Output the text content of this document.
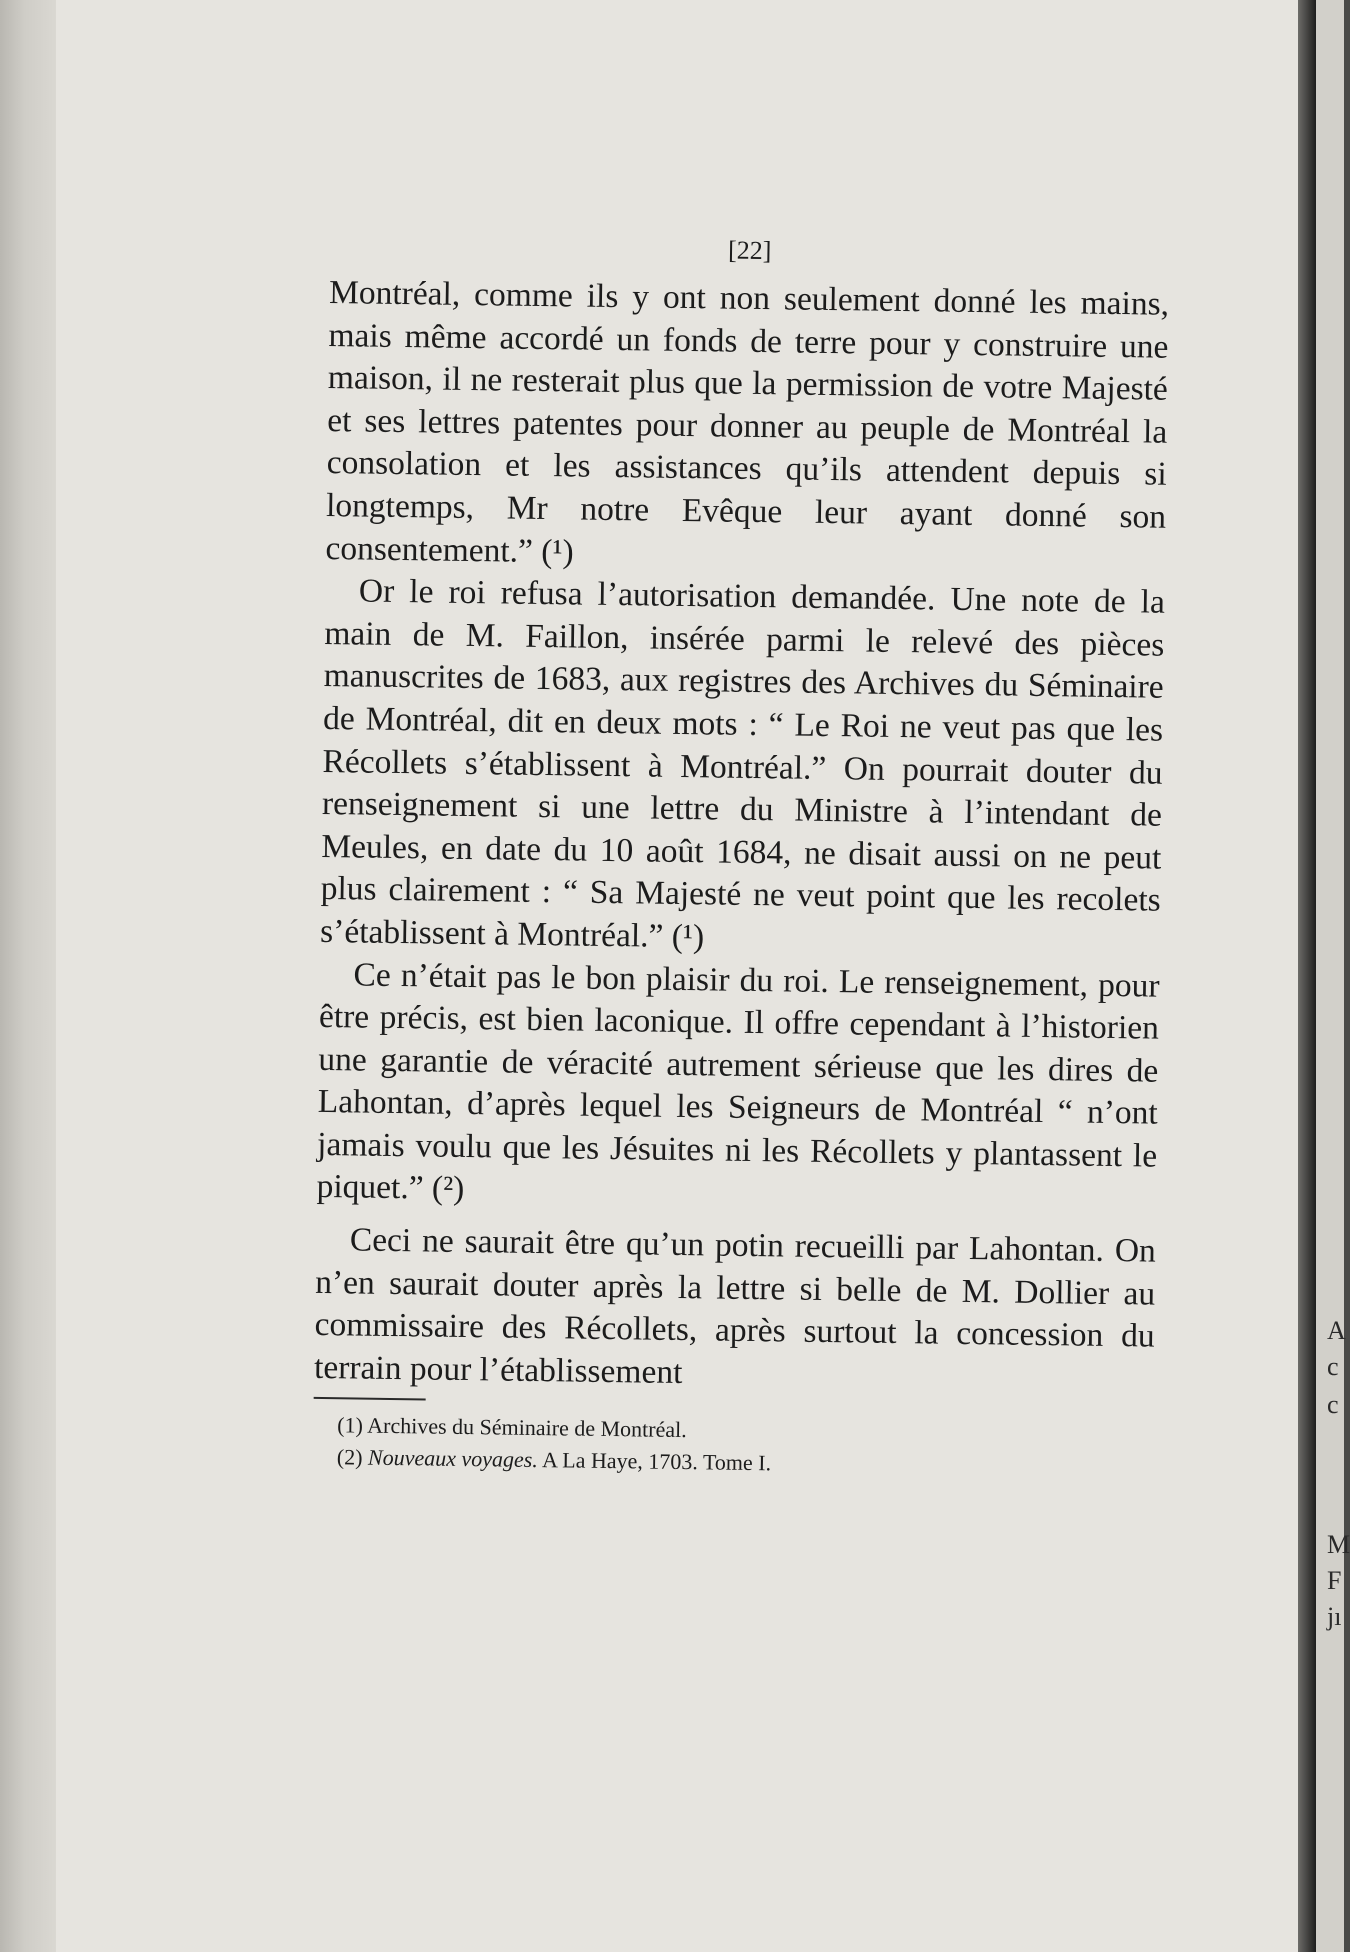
[22]

Montréal, comme ils y ont non seulement donné les mains, mais même accordé un fonds de terre pour y construire une maison, il ne resterait plus que la permission de votre Majesté et ses lettres patentes pour donner au peuple de Montréal la consolation et les assistances qu’ils attendent depuis si longtemps, Mr notre Evêque leur ayant donné son consentement.” (¹)

Or le roi refusa l’autorisation demandée. Une note de la main de M. Faillon, insérée parmi le relevé des pièces manuscrites de 1683, aux registres des Archives du Séminaire de Montréal, dit en deux mots : “ Le Roi ne veut pas que les Récollets s’établissent à Montréal.” On pourrait douter du renseignement si une lettre du Ministre à l’intendant de Meules, en date du 10 août 1684, ne disait aussi on ne peut plus clairement : “ Sa Majesté ne veut point que les recolets s’établissent à Montréal.” (¹)

Ce n’était pas le bon plaisir du roi. Le renseignement, pour être précis, est bien laconique. Il offre cependant à l’historien une garantie de véracité autrement sérieuse que les dires de Lahontan, d’après lequel les Seigneurs de Montréal “ n’ont jamais voulu que les Jésuites ni les Récollets y plantassent le piquet.” (²)

Ceci ne saurait être qu’un potin recueilli par Lahontan. On n’en saurait douter après la lettre si belle de M. Dollier au commissaire des Récollets, après surtout la concession du terrain pour l’établissement

(1) Archives du Séminaire de Montréal.

(2) Nouveaux voyages. A La Haye, 1703. Tome I.

A
c
c
M
F
jı
